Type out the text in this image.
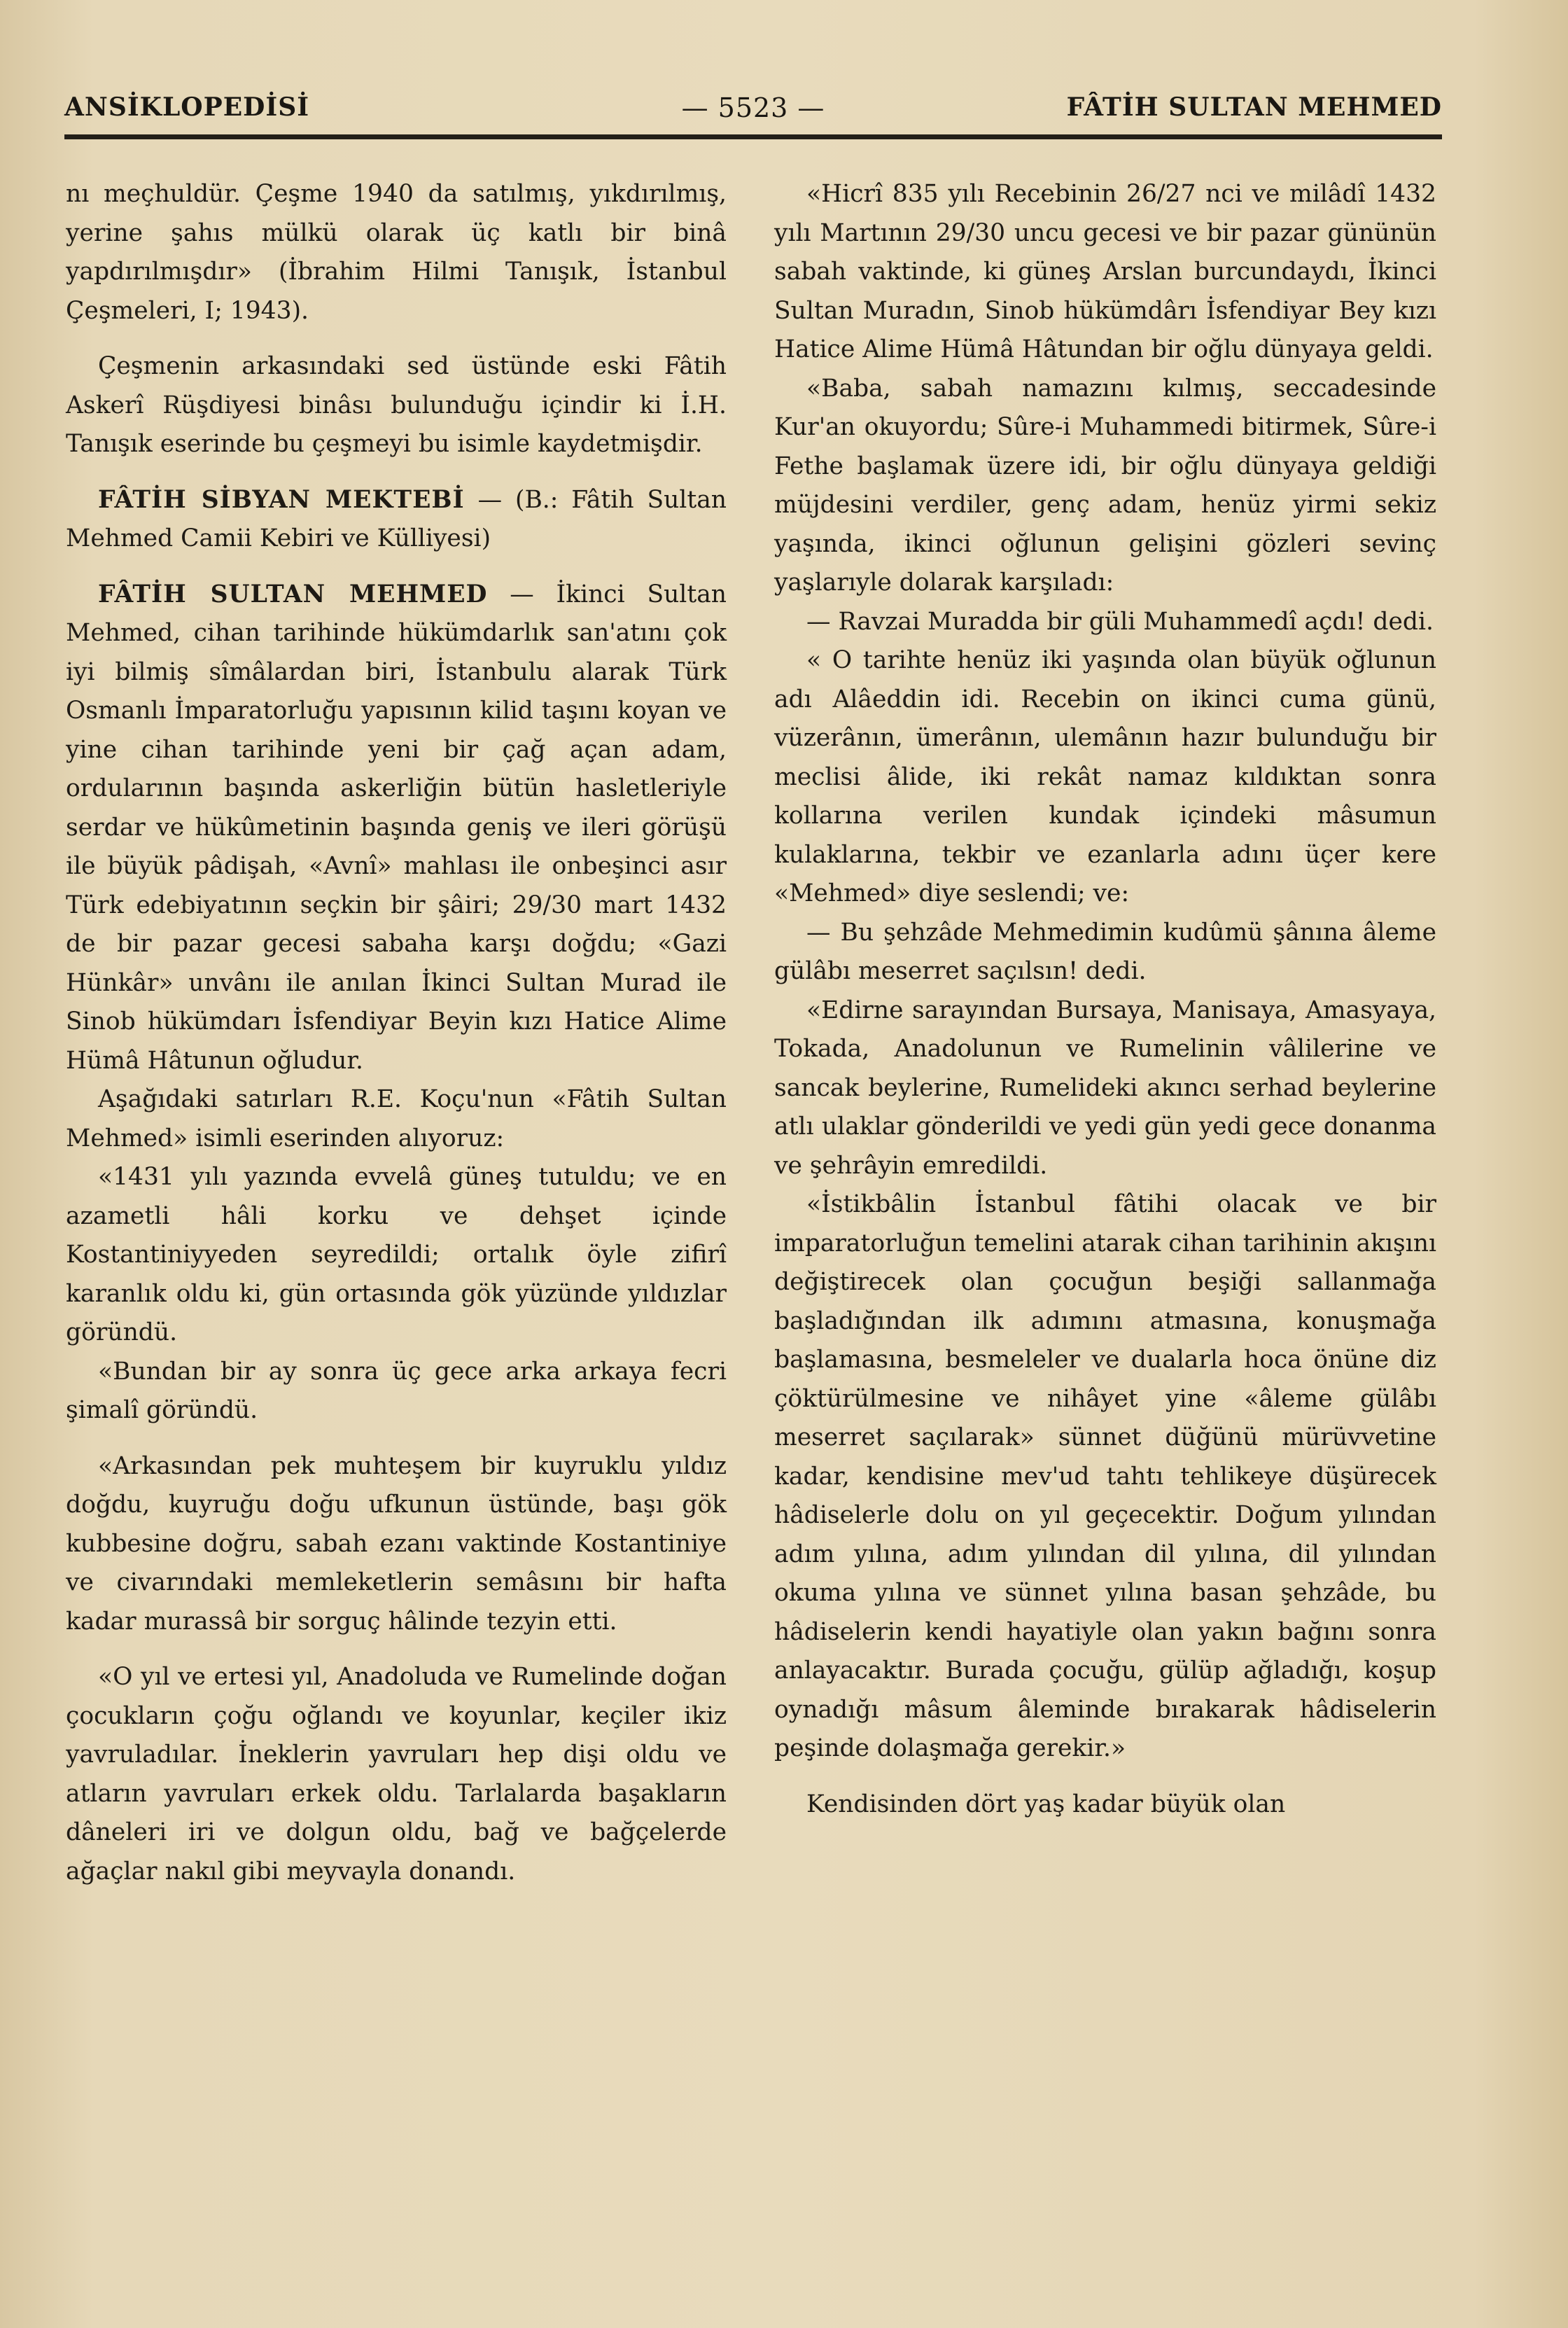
ANSİKLOPEDİSİ	— 5523 —	FÂTİH SULTAN MEHMED

nı meçhuldür. Çeşme 1940 da satılmış, yıkdırılmış, yerine şahıs mülkü olarak üç katlı bir binâ yapdırılmışdır» (İbrahim Hilmi Tanışık, İstanbul Çeşmeleri, I; 1943).

Çeşmenin arkasındaki sed üstünde eski Fâtih Askerî Rüşdiyesi binâsı bulunduğu içindir ki İ.H. Tanışık eserinde bu çeşmeyi bu isimle kaydetmişdir.

FÂTİH SİBYAN MEKTEBİ — (B.: Fâtih Sultan Mehmed Camii Kebiri ve Külliyesi)

FÂTİH SULTAN MEHMED — İkinci Sultan Mehmed, cihan tarihinde hükümdarlık san'atını çok iyi bilmiş sîmâlardan biri, İstanbulu alarak Türk Osmanlı İmparatorluğu yapısının kilid taşını koyan ve yine cihan tarihinde yeni bir çağ açan adam, ordularının başında askerliğin bütün hasletleriyle serdar ve hükûmetinin başında geniş ve ileri görüşü ile büyük pâdişah, «Avnî» mahlası ile onbeşinci asır Türk edebiyatının seçkin bir şâiri; 29/30 mart 1432 de bir pazar gecesi sabaha karşı doğdu; «Gazi Hünkâr» unvânı ile anılan İkinci Sultan Murad ile Sinob hükümdarı İsfendiyar Beyin kızı Hatice Alime Hümâ Hâtunun oğludur.

Aşağıdaki satırları R.E. Koçu'nun «Fâtih Sultan Mehmed» isimli eserinden alıyoruz:

«1431 yılı yazında evvelâ güneş tutuldu; ve en azametli hâli korku ve dehşet içinde Kostantiniyyeden seyredildi; ortalık öyle zifirî karanlık oldu ki, gün ortasında gök yüzünde yıldızlar göründü.

«Bundan bir ay sonra üç gece arka arkaya fecri şimalî göründü.

«Arkasından pek muhteşem bir kuyruklu yıldız doğdu, kuyruğu doğu ufkunun üstünde, başı gök kubbesine doğru, sabah ezanı vaktinde Kostantiniye ve civarındaki memleketlerin semâsını bir hafta kadar murassâ bir sorguç hâlinde tezyin etti.

«O yıl ve ertesi yıl, Anadoluda ve Rumelinde doğan çocukların çoğu oğlandı ve koyunlar, keçiler ikiz yavruladılar. İneklerin yavruları hep dişi oldu ve atların yavruları erkek oldu. Tarlalarda başakların dâneleri iri ve dolgun oldu, bağ ve bağçelerde ağaçlar nakıl gibi meyvayla donandı.

«Hicrî 835 yılı Recebinin 26/27 nci ve milâdî 1432 yılı Martının 29/30 uncu gecesi ve bir pazar gününün sabah vaktinde, ki güneş Arslan burcundaydı, İkinci Sultan Muradın, Sinob hükümdârı İsfendiyar Bey kızı Hatice Alime Hümâ Hâtundan bir oğlu dünyaya geldi.

«Baba, sabah namazını kılmış, seccadesinde Kur'an okuyordu; Sûre-i Muhammedi bitirmek, Sûre-i Fethe başlamak üzere idi, bir oğlu dünyaya geldiği müjdesini verdiler, genç adam, henüz yirmi sekiz yaşında, ikinci oğlunun gelişini gözleri sevinç yaşlarıyle dolarak karşıladı:

— Ravzai Muradda bir güli Muhammedî açdı! dedi.

« O tarihte henüz iki yaşında olan büyük oğlunun adı Alâeddin idi. Recebin on ikinci cuma günü, vüzerânın, ümerânın, ulemânın hazır bulunduğu bir meclisi âlide, iki rekât namaz kıldıktan sonra kollarına verilen kundak içindeki mâsumun kulaklarına, tekbir ve ezanlarla adını üçer kere «Mehmed» diye seslendi; ve:

— Bu şehzâde Mehmedimin kudûmü şânına âleme gülâbı meserret saçılsın! dedi.

«Edirne sarayından Bursaya, Manisaya, Amasyaya, Tokada, Anadolunun ve Rumelinin vâlilerine ve sancak beylerine, Rumelideki akıncı serhad beylerine atlı ulaklar gönderildi ve yedi gün yedi gece donanma ve şehrâyin emredildi.

«İstikbâlin İstanbul fâtihi olacak ve bir imparatorluğun temelini atarak cihan tarihinin akışını değiştirecek olan çocuğun beşiği sallanmağa başladığından ilk adımını atmasına, konuşmağa başlamasına, besmeleler ve dualarla hoca önüne diz çöktürülmesine ve nihâyet yine «âleme gülâbı meserret saçılarak» sünnet düğünü mürüvvetine kadar, kendisine mev'ud tahtı tehlikeye düşürecek hâdiselerle dolu on yıl geçecektir. Doğum yılından adım yılına, adım yılından dil yılına, dil yılından okuma yılına ve sünnet yılına basan şehzâde, bu hâdiselerin kendi hayatiyle olan yakın bağını sonra anlayacaktır. Burada çocuğu, gülüp ağladığı, koşup oynadığı mâsum âleminde bırakarak hâdiselerin peşinde dolaşmağa gerekir.»

Kendisinden dört yaş kadar büyük olan
